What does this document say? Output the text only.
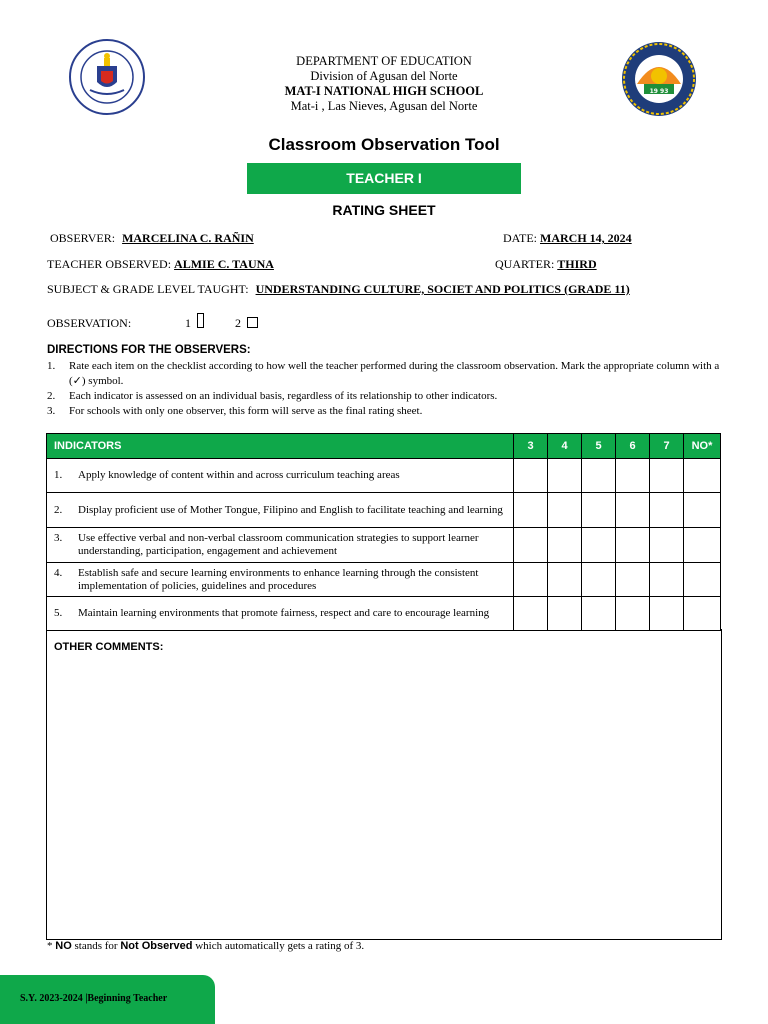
19 93
DEPARTMENT OF EDUCATION
Division of Agusan del Norte
MAT-I NATIONAL HIGH SCHOOL
Mat-i , Las Nieves, Agusan del Norte
Classroom Observation Tool
TEACHER I
RATING SHEET
OBSERVER: MARCELINA C. RAÑIN	DATE: MARCH 14, 2024
TEACHER OBSERVED: ALMIE C. TAUNA	QUARTER: THIRD
SUBJECT & GRADE LEVEL TAUGHT: UNDERSTANDING CULTURE, SOCIET AND POLITICS (GRADE 11)
OBSERVATION:	1	2
DIRECTIONS FOR THE OBSERVERS:
1. Rate each item on the checklist according to how well the teacher performed during the classroom observation. Mark the appropriate column with a (✓) symbol.
2. Each indicator is assessed on an individual basis, regardless of its relationship to other indicators.
3. For schools with only one observer, this form will serve as the final rating sheet.
INDICATORS	3	4	5	6	7	NO*

1. Apply knowledge of content within and across curriculum teaching areas						

2. Display proficient use of Mother Tongue, Filipino and English to facilitate teaching and learning						

3. Use effective verbal and non-verbal classroom communication strategies to support learner understanding, participation, engagement and achievement						

4. Establish safe and secure learning environments to enhance learning through the consistent implementation of policies, guidelines and procedures						

5. Maintain learning environments that promote fairness, respect and care to encourage learning						

OTHER COMMENTS:
* NO stands for Not Observed which automatically gets a rating of 3.
S.Y. 2023-2024 |Beginning Teacher
